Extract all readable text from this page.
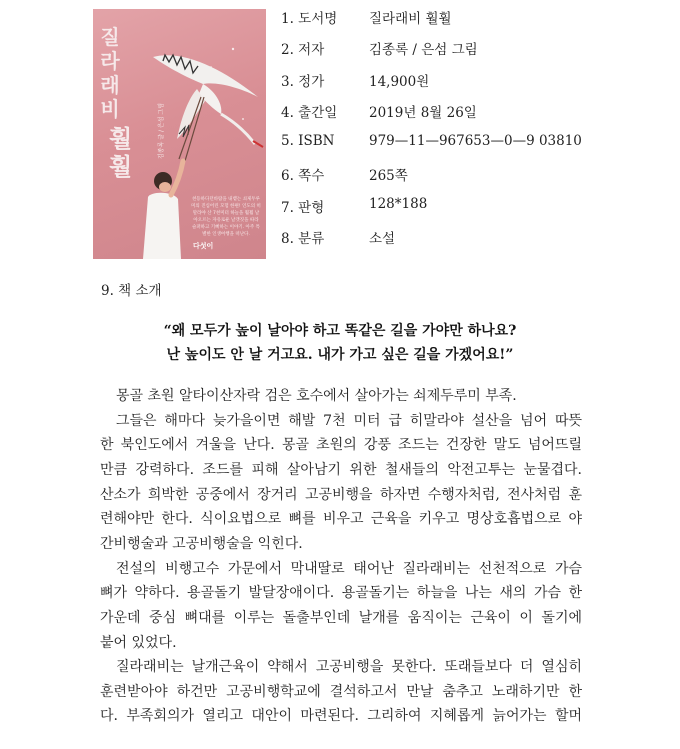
질
라
래
비
훨
훨
김종록 글 / 은섬 그림
천등하다던바람을 내뱉는 쇠제두루미의 진심어린 모험 한편! 인도의 히말라야 산 7천미터 하늘을 훨훨 날아오르는 자유로운 날갯짓을 따라 슬퍼하고 기뻐하는 이야기. 아주 특별한 인생여행을 떠난다.
다섯이
1. 도서명 질라래비 훨훨
2. 저자	김종록 / 은섬 그림
3. 정가	14,900원
4. 출간일 2019년 8월 26일
5. ISBN	979—11—967653—0—9 03810
6. 쪽수	265쪽
7. 판형	128*188
8. 분류	소설
9. 책 소개
“왜 모두가 높이 날아야 하고 똑같은 길을 가야만 하나요?
난 높이도 안 날 거고요. 내가 가고 싶은 길을 가겠어요!”
몽골 초원 알타이산자락 검은 호수에서 살아가는 쇠제두루미 부족.
그들은 해마다 늦가을이면 해발 7천 미터 급 히말라야 설산을 넘어 따뜻
한 북인도에서 겨울을 난다. 몽골 초원의 강풍 조드는 건장한 말도 넘어뜨릴
만큼 강력하다. 조드를 피해 살아남기 위한 철새들의 악전고투는 눈물겹다.
산소가 희박한 공중에서 장거리 고공비행을 하자면 수행자처럼, 전사처럼 훈
련해야만 한다. 식이요법으로 뼈를 비우고 근육을 키우고 명상호흡법으로 야
간비행술과 고공비행술을 익힌다.
전설의 비행고수 가문에서 막내딸로 태어난 질라래비는 선천적으로 가슴
뼈가 약하다. 용골돌기 발달장애이다. 용골돌기는 하늘을 나는 새의 가슴 한
가운데 중심 뼈대를 이루는 돌출부인데 날개를 움직이는 근육이 이 돌기에
붙어 있었다.
질라래비는 날개근육이 약해서 고공비행을 못한다. 또래들보다 더 열심히
훈련받아야 하건만 고공비행학교에 결석하고서 만날 춤추고 노래하기만 한
다. 부족회의가 열리고 대안이 마련된다. 그리하여 지혜롭게 늙어가는 할머
